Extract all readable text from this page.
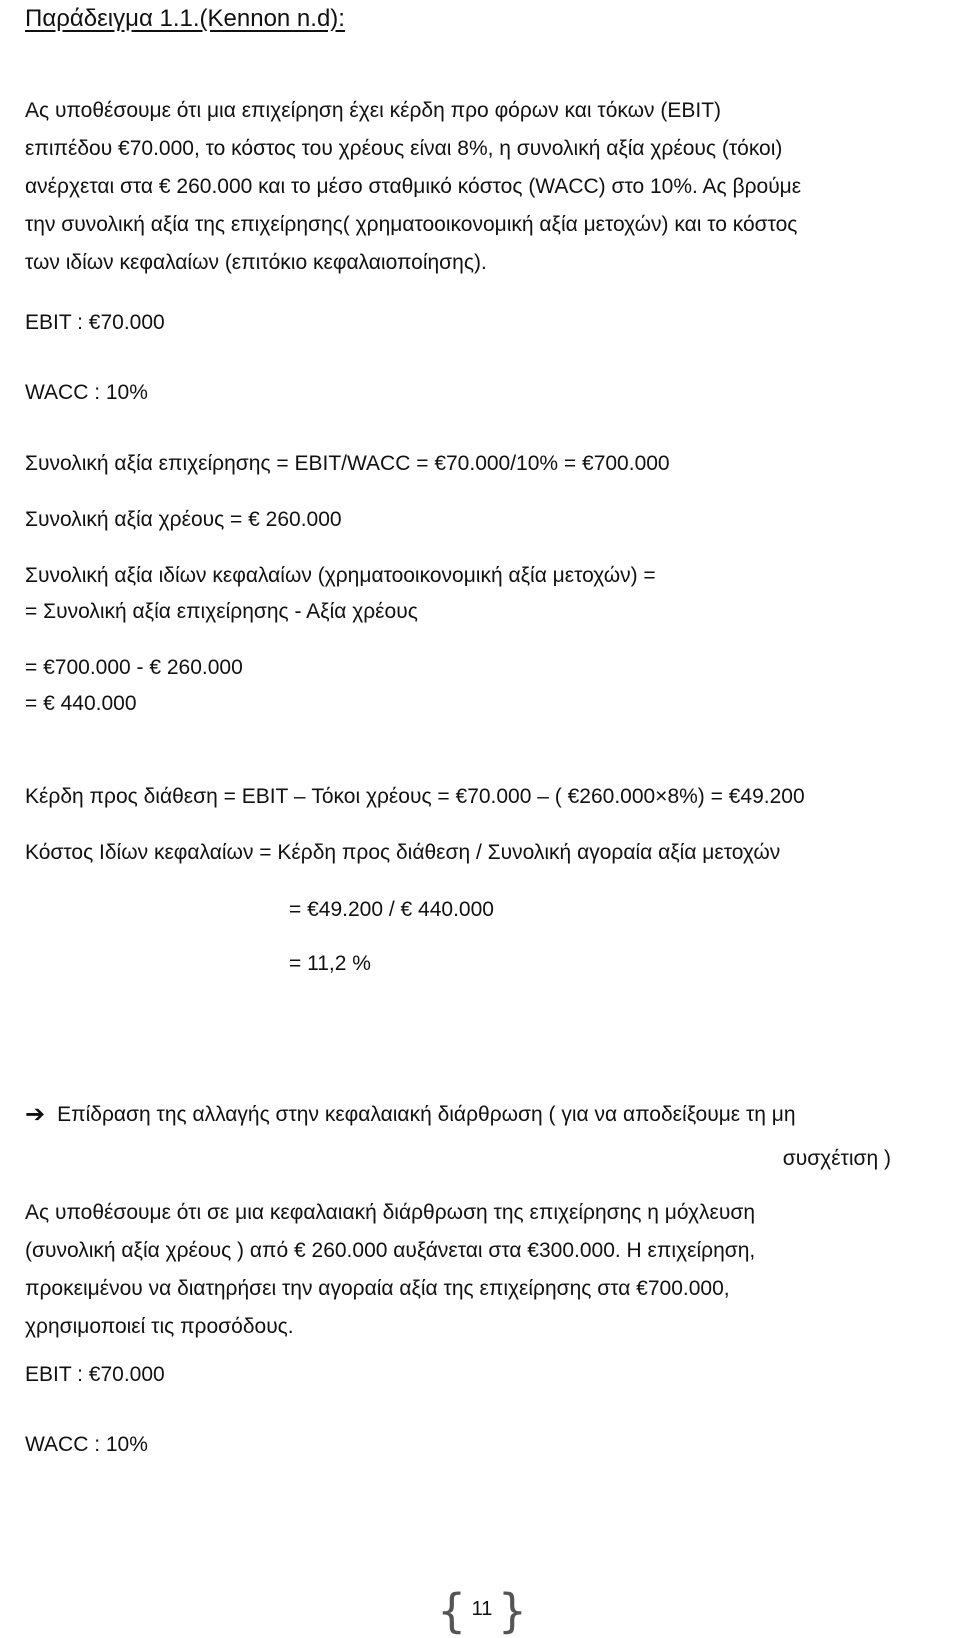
Παράδειγμα 1.1.(Kennon n.d):
Ας υποθέσουμε ότι μια επιχείρηση έχει κέρδη προ φόρων και τόκων (EBIT)
επιπέδου €70.000, το κόστος του χρέους είναι 8%, η συνολική αξία χρέους (τόκοι)
ανέρχεται στα € 260.000 και το μέσο σταθμικό κόστος (WACC) στο 10%. Ας βρούμε
την συνολική αξία της επιχείρησης( χρηματοοικονομική αξία μετοχών) και το κόστος
των ιδίων κεφαλαίων (επιτόκιο κεφαλαιοποίησης).
EBIT : €70.000
WACC : 10%
Συνολική αξία επιχείρησης = EBIT/WACC = €70.000/10% = €700.000
Συνολική αξία χρέους = € 260.000
Συνολική αξία ιδίων κεφαλαίων (χρηματοοικονομική αξία μετοχών) =
= Συνολική αξία επιχείρησης - Αξία χρέους
= €700.000 - € 260.000
= € 440.000
Κέρδη προς διάθεση = EBIT – Τόκοι χρέους = €70.000 – ( €260.000×8%) = €49.200
Κόστος Ιδίων κεφαλαίων = Κέρδη προς διάθεση / Συνολική αγοραία αξία μετοχών
= €49.200 / € 440.000
= 11,2 %
➔ Επίδραση της αλλαγής στην κεφαλαιακή διάρθρωση ( για να αποδείξουμε τη μη
συσχέτιση )
Ας υποθέσουμε ότι σε μια κεφαλαιακή διάρθρωση της επιχείρησης η μόχλευση
(συνολική αξία χρέους ) από € 260.000 αυξάνεται στα €300.000. Η επιχείρηση,
προκειμένου να διατηρήσει την αγοραία αξία της επιχείρησης στα €700.000,
χρησιμοποιεί τις προσόδους.
EBIT : €70.000
WACC : 10%
{ 11 }
